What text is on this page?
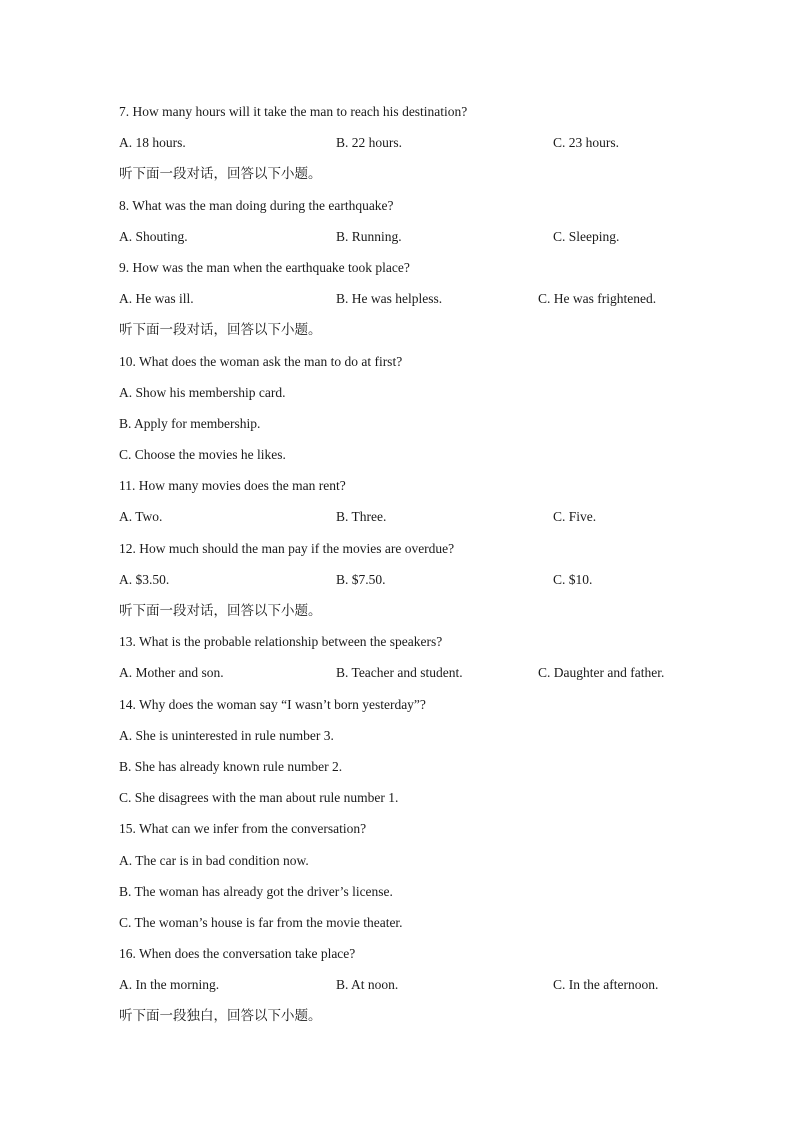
7. How many hours will it take the man to reach his destination?
A. 18 hours.	B. 22 hours.	C. 23 hours.
听下面一段对话，回答以下小题。
8. What was the man doing during the earthquake?
A. Shouting.	B. Running.	C. Sleeping.
9. How was the man when the earthquake took place?
A. He was ill.	B. He was helpless.	C. He was frightened.
听下面一段对话，回答以下小题。
10. What does the woman ask the man to do at first?
A. Show his membership card.
B. Apply for membership.
C. Choose the movies he likes.
11. How many movies does the man rent?
A. Two.	B. Three.	C. Five.
12. How much should the man pay if the movies are overdue?
A. $3.50.	B. $7.50.	C. $10.
听下面一段对话，回答以下小题。
13. What is the probable relationship between the speakers?
A. Mother and son.	B. Teacher and student.	C. Daughter and father.
14. Why does the woman say “I wasn’t born yesterday”?
A. She is uninterested in rule number 3.
B. She has already known rule number 2.
C. She disagrees with the man about rule number 1.
15. What can we infer from the conversation?
A. The car is in bad condition now.
B. The woman has already got the driver’s license.
C. The woman’s house is far from the movie theater.
16. When does the conversation take place?
A. In the morning.	B. At noon.	C. In the afternoon.
听下面一段独白，回答以下小题。
